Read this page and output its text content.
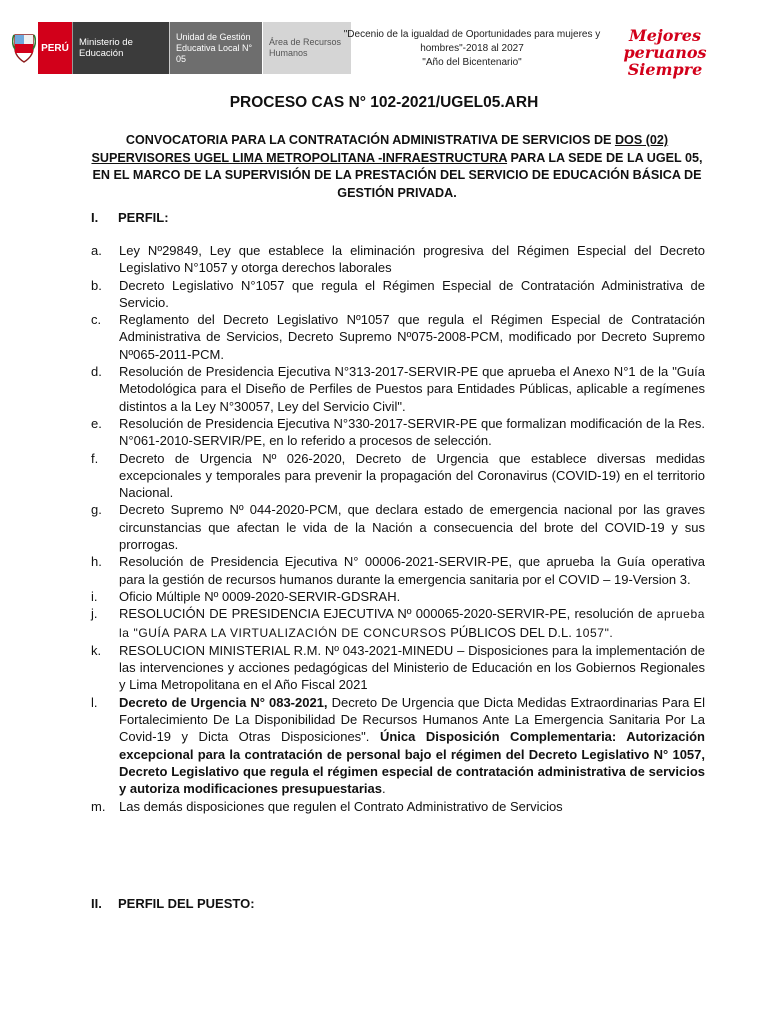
PERÚ	Ministerio de Educación
Unidad de Gestión Educativa Local N° 05
Área de Recursos Humanos
"Decenio de la igualdad de Oportunidades para mujeres y hombres"-2018 al 2027
"Año del Bicentenario"
Mejores
peruanos
Siempre
PROCESO CAS N° 102-2021/UGEL05.ARH
CONVOCATORIA PARA LA CONTRATACIÓN ADMINISTRATIVA DE SERVICIOS DE DOS (02) SUPERVISORES UGEL LIMA METROPOLITANA -INFRAESTRUCTURA PARA LA SEDE DE LA UGEL 05, EN EL MARCO DE LA SUPERVISIÓN DE LA PRESTACIÓN DEL SERVICIO DE EDUCACIÓN BÁSICA DE GESTIÓN PRIVADA.
I. PERFIL:
a.	Ley Nº29849, Ley que establece la eliminación progresiva del Régimen Especial del Decreto Legislativo N°1057 y otorga derechos laborales
b.	Decreto Legislativo N°1057 que regula el Régimen Especial de Contratación Administrativa de Servicio.
c.	Reglamento del Decreto Legislativo Nº1057 que regula el Régimen Especial de Contratación Administrativa de Servicios, Decreto Supremo Nº075-2008-PCM, modificado por Decreto Supremo Nº065-2011-PCM.
d.	Resolución de Presidencia Ejecutiva N°313-2017-SERVIR-PE que aprueba el Anexo N°1 de la "Guía Metodológica para el Diseño de Perfiles de Puestos para Entidades Públicas, aplicable a regímenes distintos a la Ley N°30057, Ley del Servicio Civil".
e.	Resolución de Presidencia Ejecutiva N°330-2017-SERVIR-PE que formalizan modificación de la Res. N°061-2010-SERVIR/PE, en lo referido a procesos de selección.
f.	Decreto de Urgencia Nº 026-2020, Decreto de Urgencia que establece diversas medidas excepcionales y temporales para prevenir la propagación del Coronavirus (COVID-19) en el territorio Nacional.
g.	Decreto Supremo Nº 044-2020-PCM, que declara estado de emergencia nacional por las graves circunstancias que afectan le vida de la Nación a consecuencia del brote del COVID-19 y sus prorrogas.
h.	Resolución de Presidencia Ejecutiva N° 00006-2021-SERVIR-PE, que aprueba la Guía operativa para la gestión de recursos humanos durante la emergencia sanitaria por el COVID – 19-Version 3.
i.	Oficio Múltiple Nº 0009-2020-SERVIR-GDSRAH.
j.	RESOLUCIÓN DE PRESIDENCIA EJECUTIVA Nº 000065-2020-SERVIR-PE, resolución de aprueba la "GUÍA PARA LA VIRTUALIZACIÓN DE CONCURSOS PÚBLICOS DEL D.L. 1057".
k.	RESOLUCION MINISTERIAL R.M. Nº 043-2021-MINEDU – Disposiciones para la implementación de las intervenciones y acciones pedagógicas del Ministerio de Educación en los Gobiernos Regionales y Lima Metropolitana en el Año Fiscal 2021
l.	Decreto de Urgencia N° 083-2021, Decreto De Urgencia que Dicta Medidas Extraordinarias Para El Fortalecimiento De La Disponibilidad De Recursos Humanos Ante La Emergencia Sanitaria Por La Covid-19 y Dicta Otras Disposiciones". Única Disposición Complementaria: Autorización excepcional para la contratación de personal bajo el régimen del Decreto Legislativo N° 1057, Decreto Legislativo que regula el régimen especial de contratación administrativa de servicios y autoriza modificaciones presupuestarias.
m.	Las demás disposiciones que regulen el Contrato Administrativo de Servicios
II. PERFIL DEL PUESTO:
